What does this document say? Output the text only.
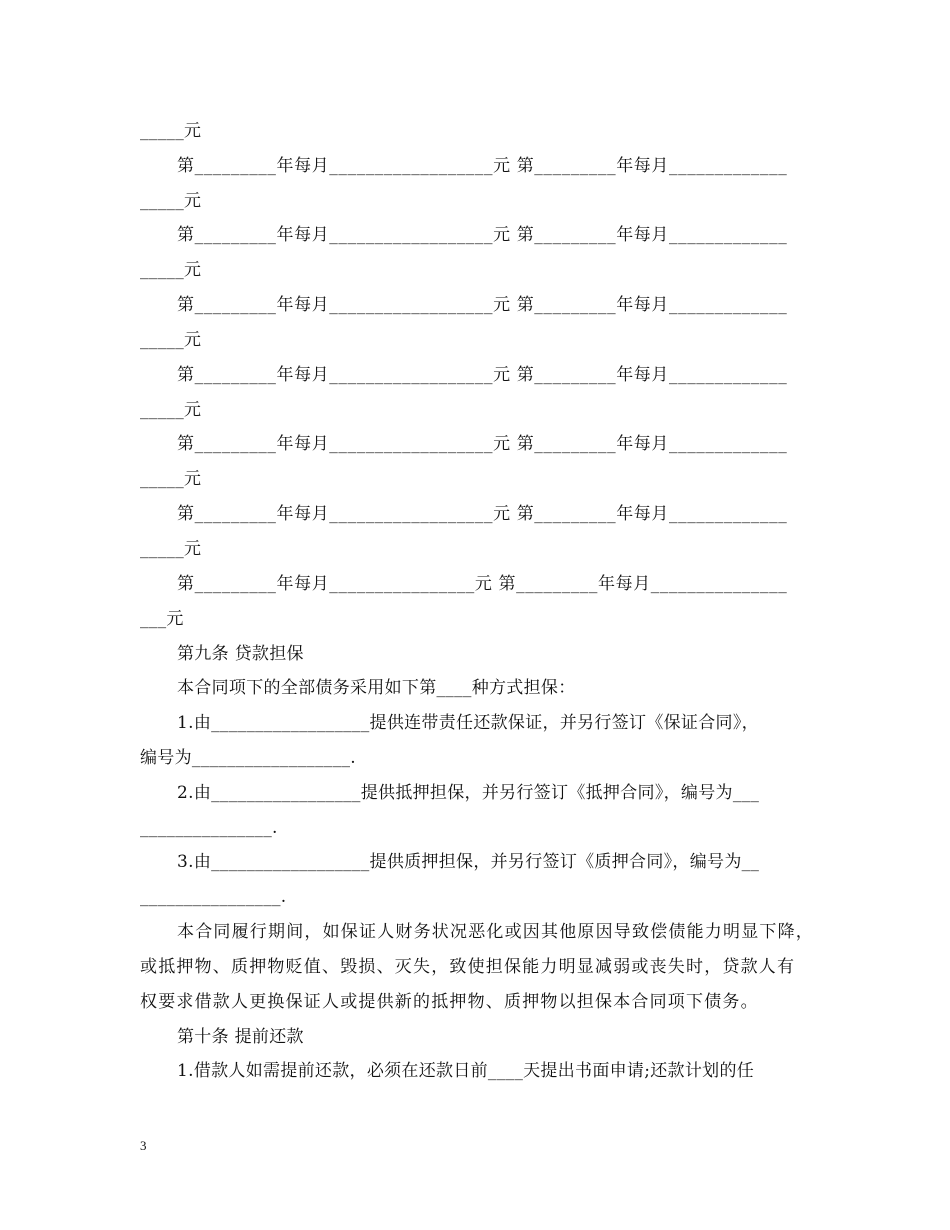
_____元
第_________年每月__________________元 第_________年每月_____________
_____元
第_________年每月__________________元 第_________年每月_____________
_____元
第_________年每月__________________元 第_________年每月_____________
_____元
第_________年每月__________________元 第_________年每月_____________
_____元
第_________年每月__________________元 第_________年每月_____________
_____元
第_________年每月__________________元 第_________年每月_____________
_____元
第_________年每月________________元 第_________年每月_______________
___元
第九条 贷款担保
本合同项下的全部债务采用如下第____种方式担保：
1.由__________________提供连带责任还款保证，并另行签订《保证合同》，
编号为__________________.
2.由_________________提供抵押担保，并另行签订《抵押合同》，编号为___
_______________.
3.由__________________提供质押担保，并另行签订《质押合同》，编号为__
________________.
本合同履行期间，如保证人财务状况恶化或因其他原因导致偿债能力明显下降，
或抵押物、质押物贬值、毁损、灭失，致使担保能力明显减弱或丧失时，贷款人有
权要求借款人更换保证人或提供新的抵押物、质押物以担保本合同项下债务。
第十条 提前还款
1.借款人如需提前还款，必须在还款日前____天提出书面申请;还款计划的任
3
